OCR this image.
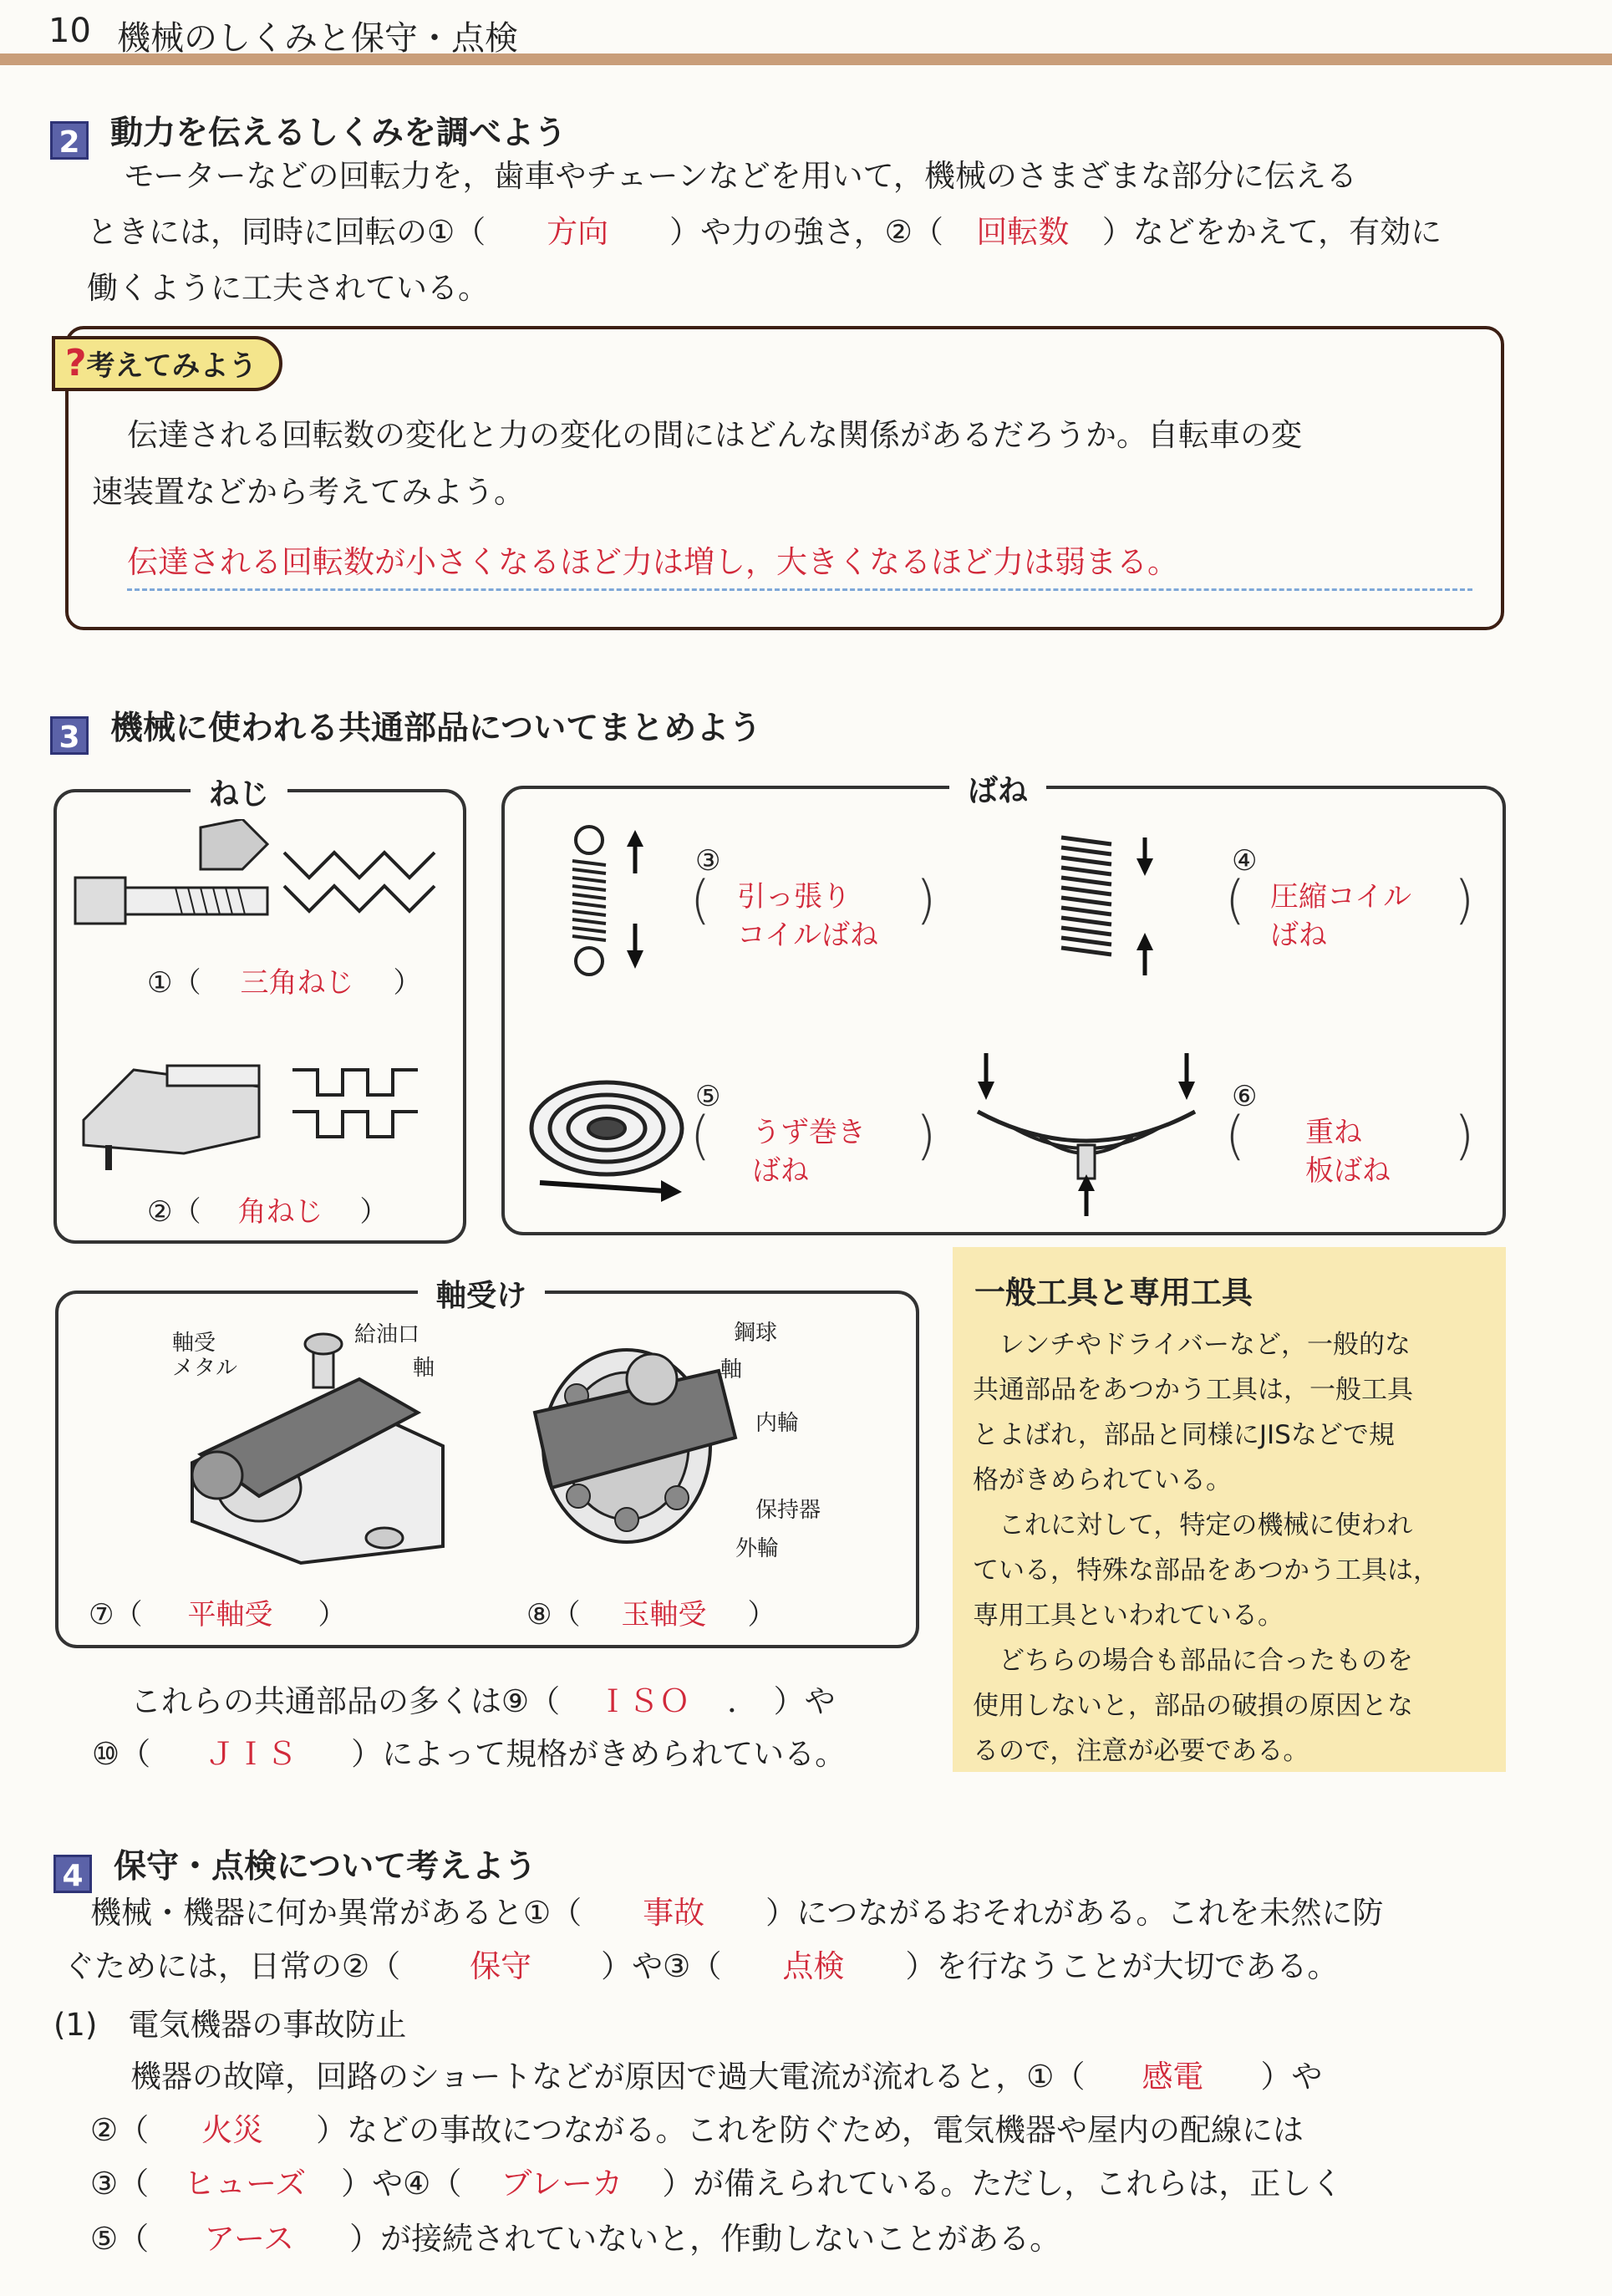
10 機械のしくみと保守・点検
2 動力を伝えるしくみを調べよう
モーターなどの回転力を，歯車やチェーンなどを用いて，機械のさまざまな部分に伝える
ときには，同時に回転の①（ 方向 ）や力の強さ，②（ 回転数 ）などをかえて，有効に
働くように工夫されている。
?考えてみよう
伝達される回転数の変化と力の変化の間にはどんな関係があるだろうか。自転車の変
速装置などから考えてみよう。
伝達される回転数が小さくなるほど力は増し，大きくなるほど力は弱まる。
3 機械に使われる共通部品についてまとめよう
ねじ
①（ 三角ねじ ）
②（ 角ねじ ）
ばね
③
( 引っ張り
コイルばね
)
④
( 圧縮コイル
ばね
)
⑤
( うず巻き
ばね
)
⑥
( 重ね
板ばね
)
軸受け
軸受
メタル
給油口
軸
鋼球
軸
内輪
保持器
外輪
⑦（ 平軸受 ）	⑧（ 玉軸受 ）
これらの共通部品の多くは⑨（ ＩＳＯ ．　）や
⑩（ ＪＩＳ ）によって規格がきめられている。
一般工具と専用工具
　レンチやドライバーなど，一般的な
共通部品をあつかう工具は，一般工具
とよばれ，部品と同様にJISなどで規
格がきめられている。
　これに対して，特定の機械に使われ
ている，特殊な部品をあつかう工具は，
専用工具といわれている。
　どちらの場合も部品に合ったものを
使用しないと，部品の破損の原因とな
るので，注意が必要である。
4 保守・点検について考えよう
機械・機器に何か異常があると①（ 事故 ）につながるおそれがある。これを未然に防
ぐためには，日常の②（ 保守 ）や③（ 点検 ）を行なうことが大切である。
(1)　電気機器の事故防止
機器の故障，回路のショートなどが原因で過大電流が流れると，①（ 感電 ）や
②（ 火災 ）などの事故につながる。これを防ぐため，電気機器や屋内の配線には
③（ ヒューズ ）や④（ ブレーカ ）が備えられている。ただし，これらは，正しく
⑤（ アース ）が接続されていないと，作動しないことがある。
